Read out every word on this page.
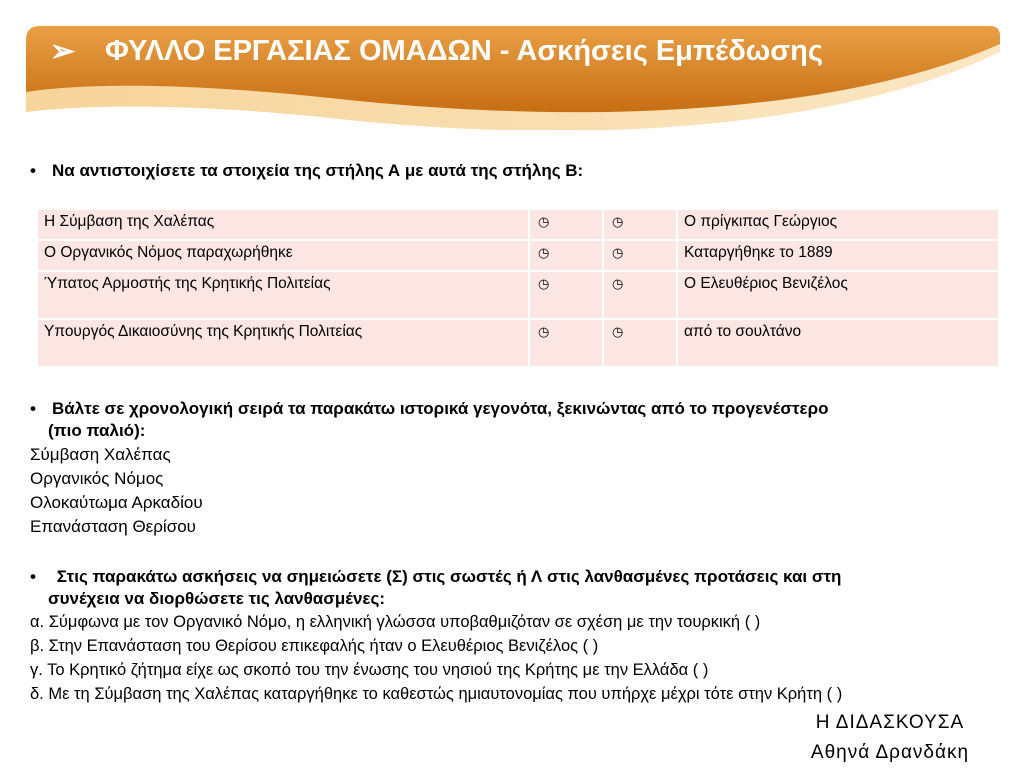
➢	ΦΥΛΛΟ ΕΡΓΑΣΙΑΣ ΟΜΑΔΩΝ - Ασκήσεις Εμπέδωσης
• Να αντιστοιχίσετε τα στοιχεία της στήλης Α με αυτά της στήλης Β:
Η Σύμβαση της Χαλέπας	◷	◷	Ο πρίγκιπας Γεώργιος
Ο Οργανικός Νόμος παραχωρήθηκε	◷	◷	Καταργήθηκε το 1889
Ύπατος Αρμοστής της Κρητικής Πολιτείας	◷	◷	Ο Ελευθέριος Βενιζέλος
Υπουργός Δικαιοσύνης της Κρητικής Πολιτείας	◷	◷	από το σουλτάνο
• Βάλτε σε χρονολογική σειρά τα παρακάτω ιστορικά γεγονότα, ξεκινώντας από το προγενέστερο
(πιο παλιό):
Σύμβαση Χαλέπας
Οργανικός Νόμος
Ολοκαύτωμα Αρκαδίου
Επανάσταση Θερίσου
• Στις παρακάτω ασκήσεις να σημειώσετε (Σ) στις σωστές ή Λ στις λανθασμένες προτάσεις και στη
συνέχεια να διορθώσετε τις λανθασμένες:
α. Σύμφωνα με τον Οργανικό Νόμο, η ελληνική γλώσσα υποβαθμιζόταν σε σχέση με την τουρκική ( )
β. Στην Επανάσταση του Θερίσου επικεφαλής ήταν ο Ελευθέριος Βενιζέλος ( )
γ. Το Κρητικό ζήτημα είχε ως σκοπό του την ένωσης του νησιού της Κρήτης με την Ελλάδα ( )
δ. Με τη Σύμβαση της Χαλέπας καταργήθηκε το καθεστώς ημιαυτονομίας που υπήρχε μέχρι τότε στην Κρήτη ( )
Η ΔΙΔΑΣΚΟΥΣΑ
Αθηνά Δρανδάκη
